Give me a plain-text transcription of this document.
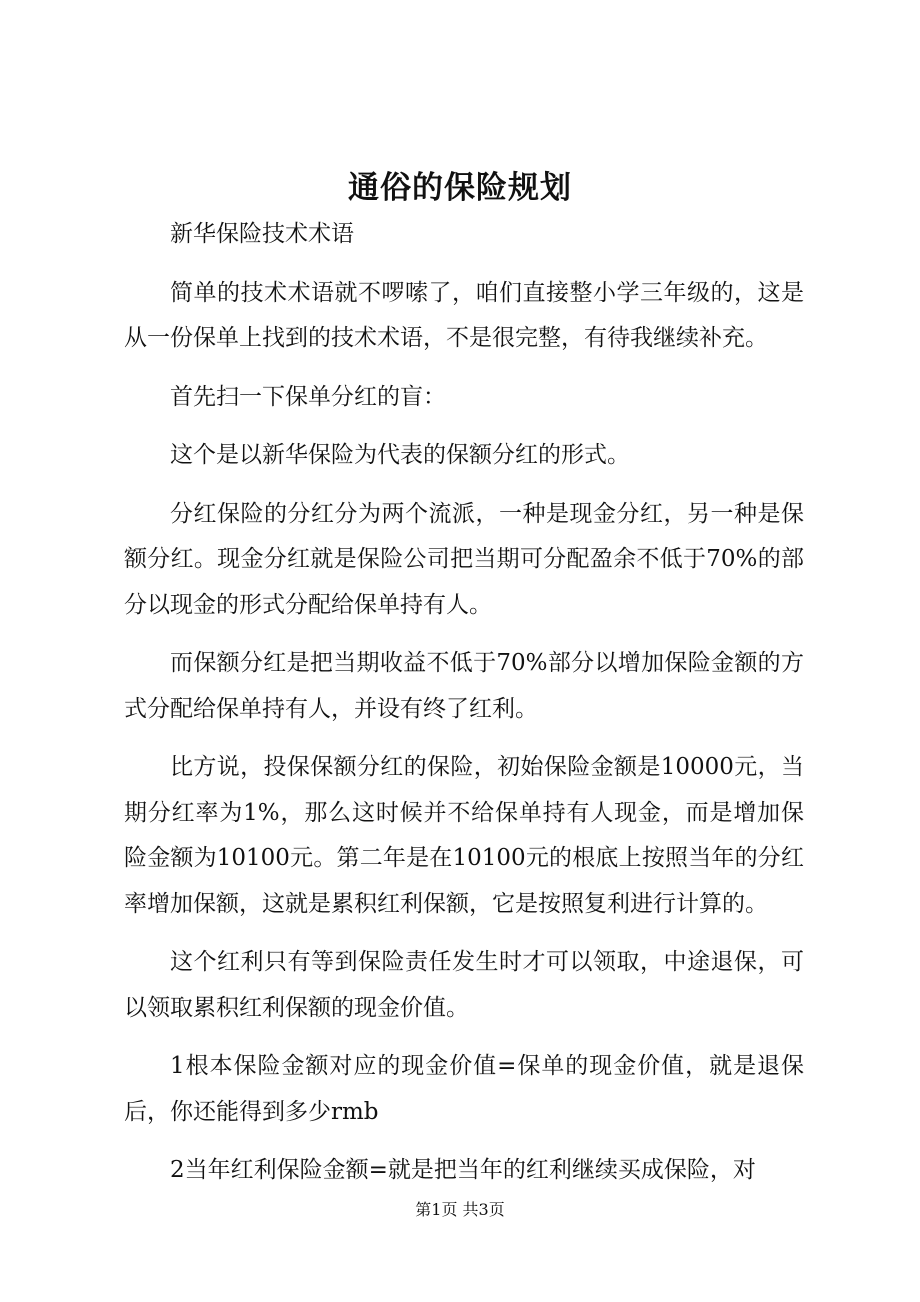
通俗的保险规划

新华保险技术术语

简单的技术术语就不啰嗦了，咱们直接整小学三年级的，这是从一份保单上找到的技术术语，不是很完整，有待我继续补充。

首先扫一下保单分红的盲：

这个是以新华保险为代表的保额分红的形式。

分红保险的分红分为两个流派，一种是现金分红，另一种是保额分红。现金分红就是保险公司把当期可分配盈余不低于70%的部分以现金的形式分配给保单持有人。

而保额分红是把当期收益不低于70%部分以增加保险金额的方式分配给保单持有人，并设有终了红利。

比方说，投保保额分红的保险，初始保险金额是10000元，当期分红率为1%，那么这时候并不给保单持有人现金，而是增加保险金额为10100元。第二年是在10100元的根底上按照当年的分红率增加保额，这就是累积红利保额，它是按照复利进行计算的。

这个红利只有等到保险责任发生时才可以领取，中途退保，可以领取累积红利保额的现金价值。

1根本保险金额对应的现金价值=保单的现金价值，就是退保后，你还能得到多少rmb

2当年红利保险金额=就是把当年的红利继续买成保险，对

第1页 共3页
